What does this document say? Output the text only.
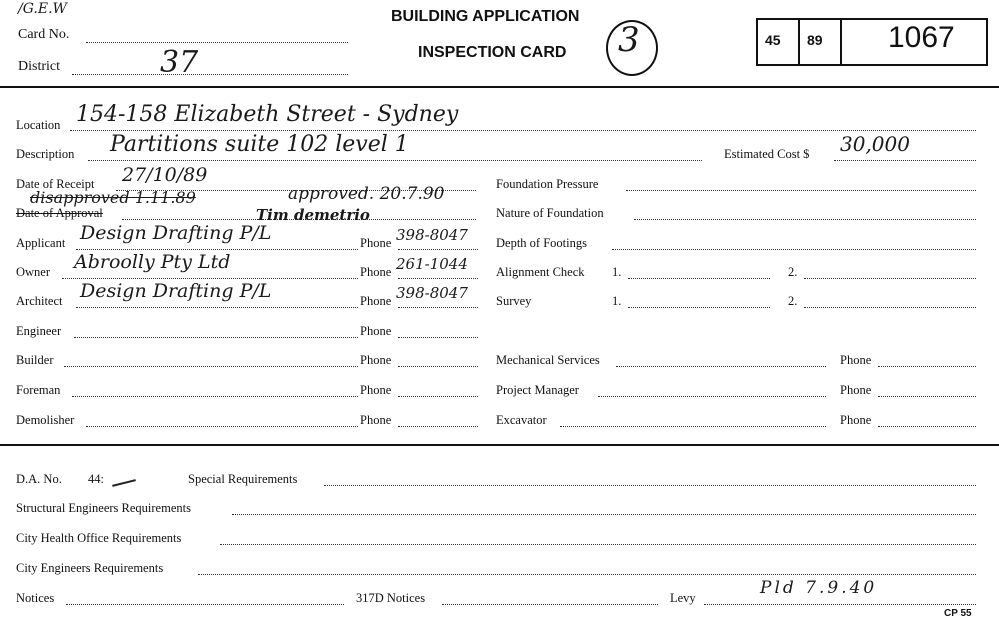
/G.E.W
Card No.
District	37
BUILDING APPLICATION
INSPECTION CARD 3	45 89 1067
Location 154-158 Elizabeth Street - Sydney
Description Partitions suite 102 level 1	Estimated Cost $ 30,000
Date of Receipt 27/10/89
Date of Approval
disapproved 1.11.89	approved. 20.7.90
Tim demetrio
Applicant Design Drafting P/L	Phone 398-8047
Owner Abroolly Pty Ltd	Phone 261-1044
Architect Design Drafting P/L	Phone 398-8047
Engineer	Phone
Builder	Phone
Foreman	Phone
Demolisher	Phone
Foundation Pressure
Nature of Foundation
Depth of Footings
Alignment Check 1.	2.
Survey	1.	2.
Mechanical Services	Phone
Project Manager	Phone
Excavator	Phone
D.A. No. 44:	Special Requirements
Structural Engineers Requirements
City Health Office Requirements
City Engineers Requirements
Notices	317D Notices	Levy	Pld 7.9.40
CP 55
